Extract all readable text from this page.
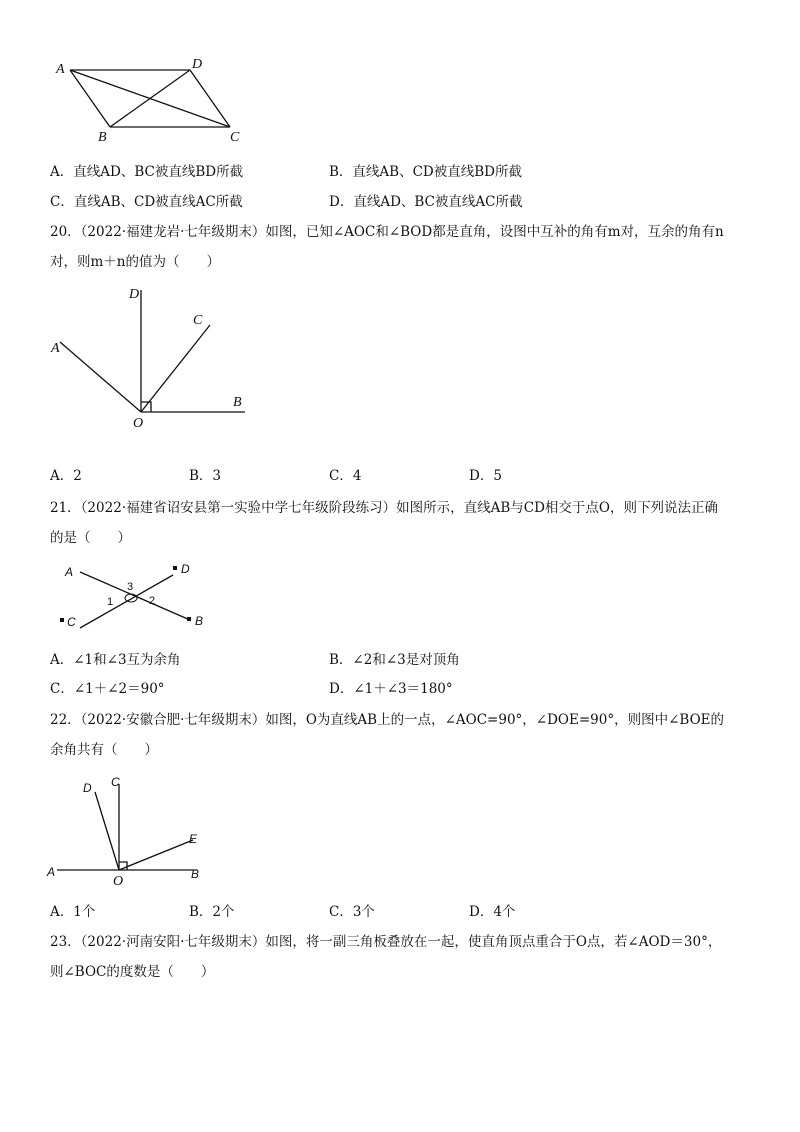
A	D
B	C
A．直线AD、BC被直线BD所截	B．直线AB、CD被直线BD所截
C．直线AB、CD被直线AC所截	D．直线AD、BC被直线AC所截
20．（2022·福建龙岩·七年级期末）如图，已知∠AOC和∠BOD都是直角，设图中互补的角有m对，互余的角有n
对，则m＋n的值为（　　）
D
C
A
B
O
A．2	B．3	C．4	D．5
21．（2022·福建省诏安县第一实验中学七年级阶段练习）如图所示，直线AB与CD相交于点O，则下列说法正确
的是（　　）
A	D
C	B
1	2
3
A．∠1和∠3互为余角	B．∠2和∠3是对顶角
C．∠1＋∠2＝90°	D．∠1＋∠3＝180°
22．（2022·安徽合肥·七年级期末）如图，O为直线AB上的一点，∠AOC=90°，∠DOE=90°，则图中∠BOE的
余角共有（　　）
D C
E
A
O	B
A．1个	B．2个	C．3个	D．4个
23．（2022·河南安阳·七年级期末）如图，将一副三角板叠放在一起，使直角顶点重合于O点，若∠AOD＝30°，
则∠BOC的度数是（　　）
